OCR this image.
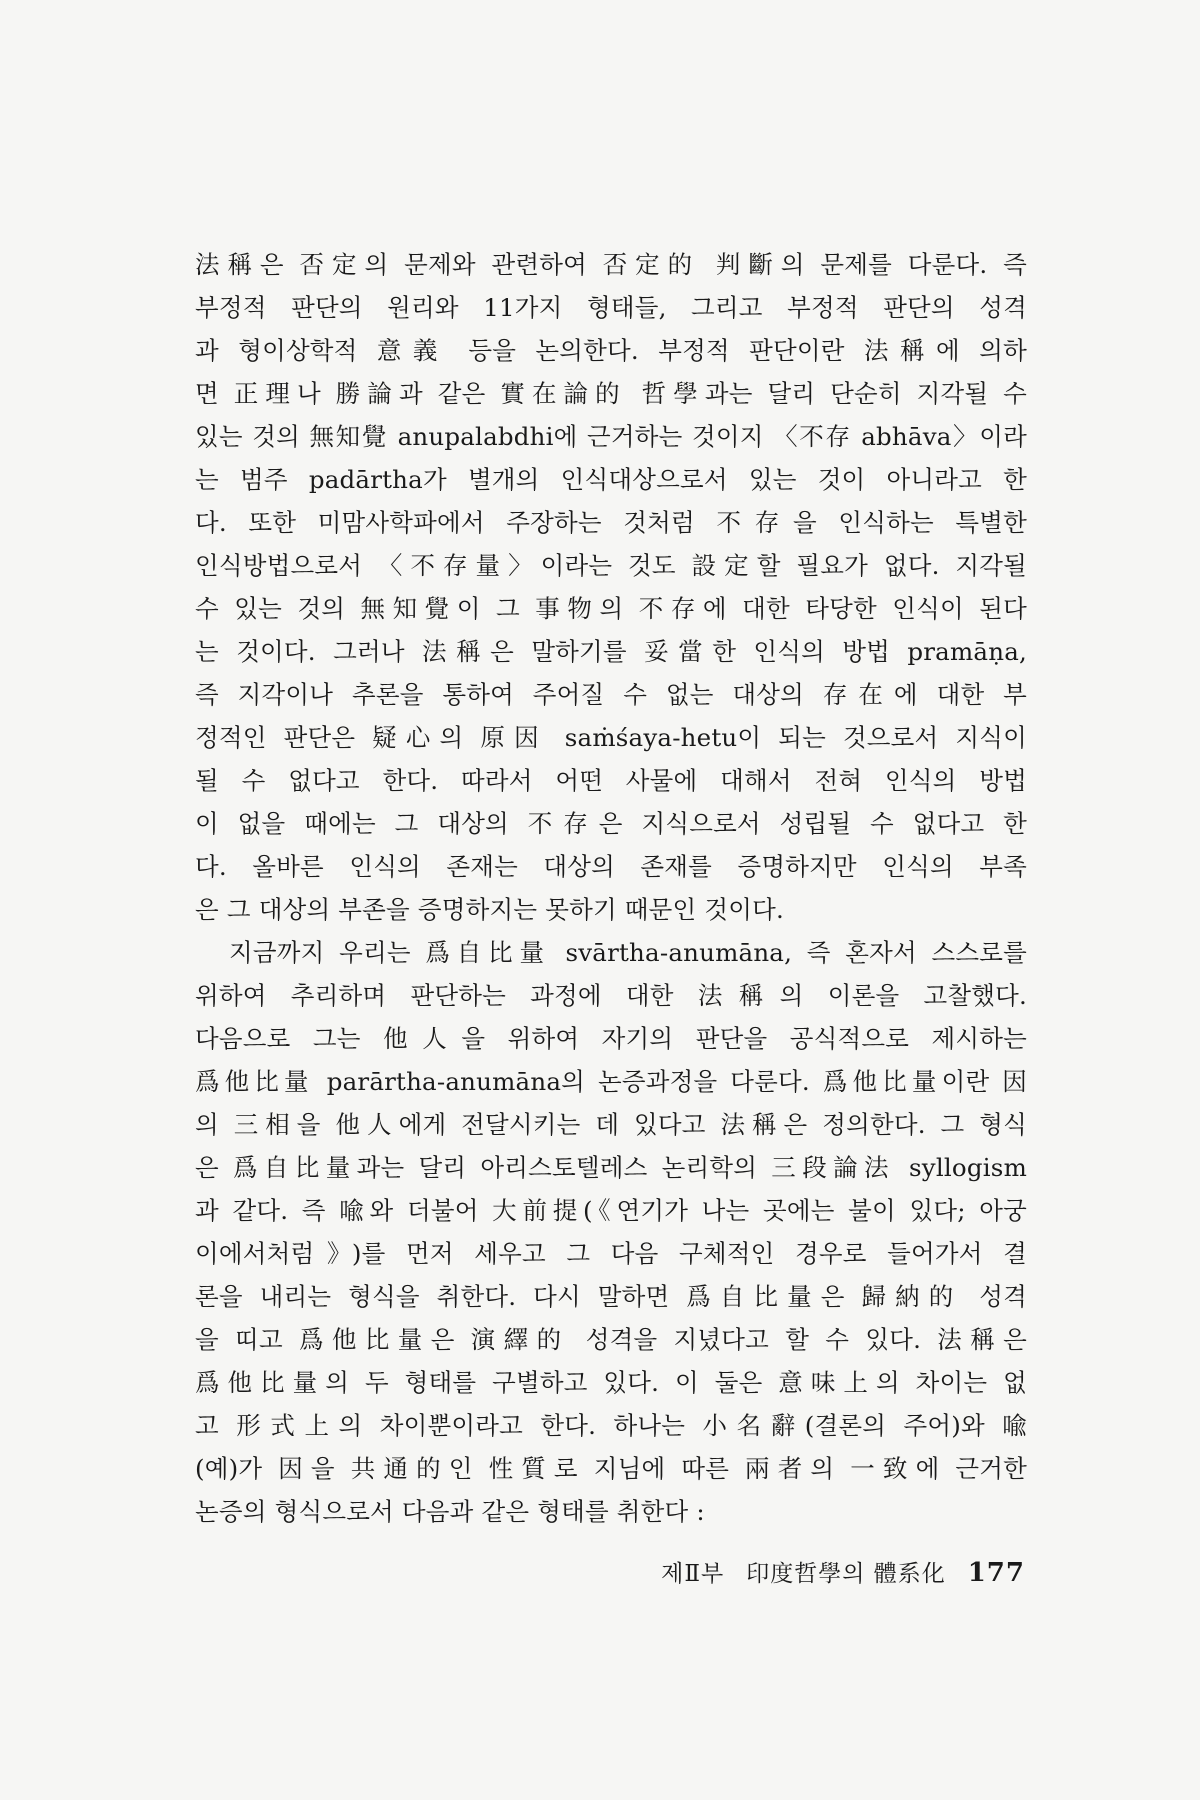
法稱은 否定의 문제와 관련하여 否定的 判斷의 문제를 다룬다. 즉
부정적 판단의 원리와 11가지 형태들, 그리고 부정적 판단의 성격
과 형이상학적 意義 등을 논의한다. 부정적 판단이란 法稱에 의하
면 正理나 勝論과 같은 實在論的 哲學과는 달리 단순히 지각될 수
있는 것의 無知覺 anupalabdhi에 근거하는 것이지 〈不存 abhāva〉이라
는 범주 padārtha가 별개의 인식대상으로서 있는 것이 아니라고 한
다. 또한 미맘사학파에서 주장하는 것처럼 不存을 인식하는 특별한
인식방법으로서 〈不存量〉이라는 것도 設定할 필요가 없다. 지각될
수 있는 것의 無知覺이 그 事物의 不存에 대한 타당한 인식이 된다
는 것이다. 그러나 法稱은 말하기를 妥當한 인식의 방법 pramāṇa,
즉 지각이나 추론을 통하여 주어질 수 없는 대상의 存在에 대한 부
정적인 판단은 疑心의 原因 saṁśaya-hetu이 되는 것으로서 지식이
될 수 없다고 한다. 따라서 어떤 사물에 대해서 전혀 인식의 방법
이 없을 때에는 그 대상의 不存은 지식으로서 성립될 수 없다고 한
다. 올바른 인식의 존재는 대상의 존재를 증명하지만 인식의 부족
은 그 대상의 부존을 증명하지는 못하기 때문인 것이다.
지금까지 우리는 爲自比量 svārtha-anumāna, 즉 혼자서 스스로를
위하여 추리하며 판단하는 과정에 대한 法稱의 이론을 고찰했다.
다음으로 그는 他人을 위하여 자기의 판단을 공식적으로 제시하는
爲他比量 parārtha-anumāna의 논증과정을 다룬다. 爲他比量이란 因
의 三相을 他人에게 전달시키는 데 있다고 法稱은 정의한다. 그 형식
은 爲自比量과는 달리 아리스토텔레스 논리학의 三段論法 syllogism
과 같다. 즉 喩와 더불어 大前提(《연기가 나는 곳에는 불이 있다; 아궁
이에서처럼》)를 먼저 세우고 그 다음 구체적인 경우로 들어가서 결
론을 내리는 형식을 취한다. 다시 말하면 爲自比量은 歸納的 성격
을 띠고 爲他比量은 演繹的 성격을 지녔다고 할 수 있다. 法稱은
爲他比量의 두 형태를 구별하고 있다. 이 둘은 意味上의 차이는 없
고 形式上의 차이뿐이라고 한다. 하나는 小名辭(결론의 주어)와 喩
(예)가 因을 共通的인 性質로 지님에 따른 兩者의 一致에 근거한
논증의 형식으로서 다음과 같은 형태를 취한다 :
제Ⅱ부 印度哲學의 體系化 177
